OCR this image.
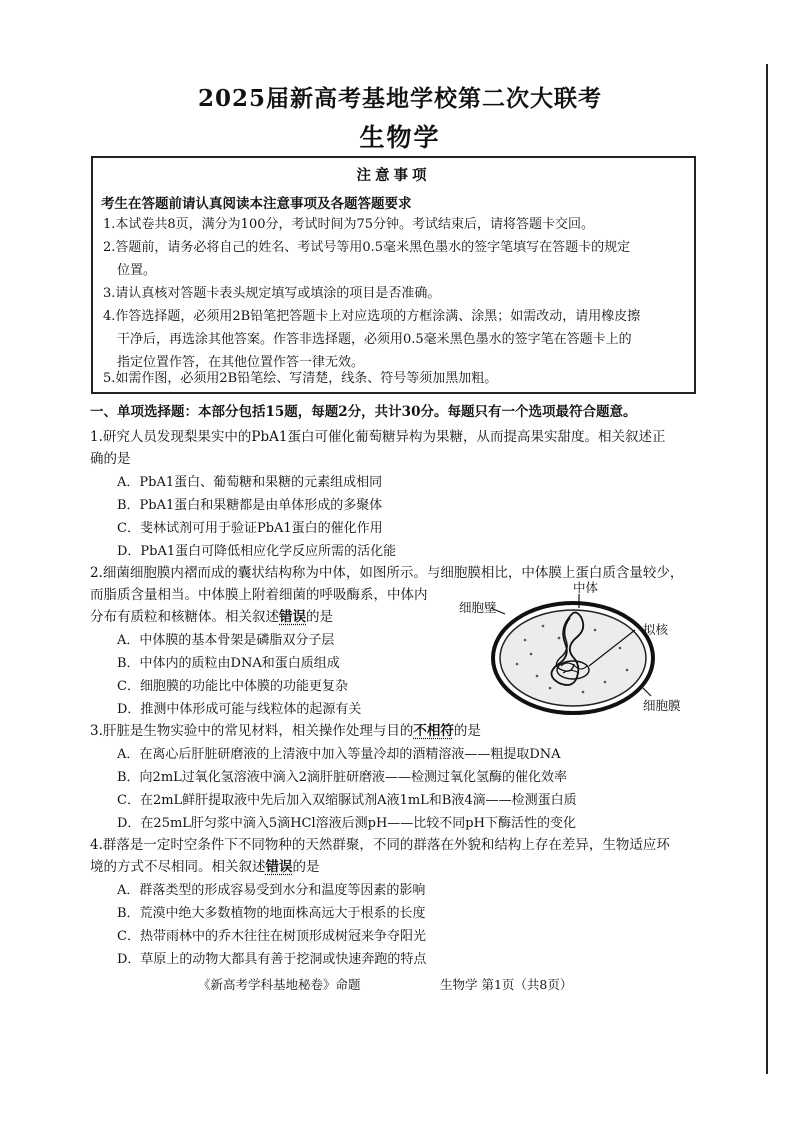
2025届新高考基地学校第二次大联考
生物学
注意事项
考生在答题前请认真阅读本注意事项及各题答题要求
1.本试卷共8页，满分为100分，考试时间为75分钟。考试结束后，请将答题卡交回。
2.答题前，请务必将自己的姓名、考试号等用0.5毫米黑色墨水的签字笔填写在答题卡的规定
位置。
3.请认真核对答题卡表头规定填写或填涂的项目是否准确。
4.作答选择题，必须用2B铅笔把答题卡上对应选项的方框涂满、涂黑；如需改动，请用橡皮擦
干净后，再选涂其他答案。作答非选择题，必须用0.5毫米黑色墨水的签字笔在答题卡上的
指定位置作答，在其他位置作答一律无效。
5.如需作图，必须用2B铅笔绘、写清楚，线条、符号等须加黑加粗。
一、单项选择题：本部分包括15题，每题2分，共计30分。每题只有一个选项最符合题意。
1.研究人员发现梨果实中的PbA1蛋白可催化葡萄糖异构为果糖，从而提高果实甜度。相关叙述正
确的是
A．PbA1蛋白、葡萄糖和果糖的元素组成相同
B．PbA1蛋白和果糖都是由单体形成的多聚体
C．斐林试剂可用于验证PbA1蛋白的催化作用
D．PbA1蛋白可降低相应化学反应所需的活化能
2.细菌细胞膜内褶而成的囊状结构称为中体，如图所示。与细胞膜相比，中体膜上蛋白质含量较少，
而脂质含量相当。中体膜上附着细菌的呼吸酶系，中体内
分布有质粒和核糖体。相关叙述错误的是
A．中体膜的基本骨架是磷脂双分子层
B．中体内的质粒由DNA和蛋白质组成
C．细胞膜的功能比中体膜的功能更复杂
D．推测中体形成可能与线粒体的起源有关
中体
细胞壁
拟核
细胞膜
3.肝脏是生物实验中的常见材料，相关操作处理与目的不相符的是
A．在离心后肝脏研磨液的上清液中加入等量冷却的酒精溶液——粗提取DNA
B．向2mL过氧化氢溶液中滴入2滴肝脏研磨液——检测过氧化氢酶的催化效率
C．在2mL鲜肝提取液中先后加入双缩脲试剂A液1mL和B液4滴——检测蛋白质
D．在25mL肝匀浆中滴入5滴HCl溶液后测pH——比较不同pH下酶活性的变化
4.群落是一定时空条件下不同物种的天然群聚，不同的群落在外貌和结构上存在差异，生物适应环
境的方式不尽相同。相关叙述错误的是
A．群落类型的形成容易受到水分和温度等因素的影响
B．荒漠中绝大多数植物的地面株高远大于根系的长度
C．热带雨林中的乔木往往在树顶形成树冠来争夺阳光
D．草原上的动物大都具有善于挖洞或快速奔跑的特点
《新高考学科基地秘卷》命题	生物学 第1页（共8页）
